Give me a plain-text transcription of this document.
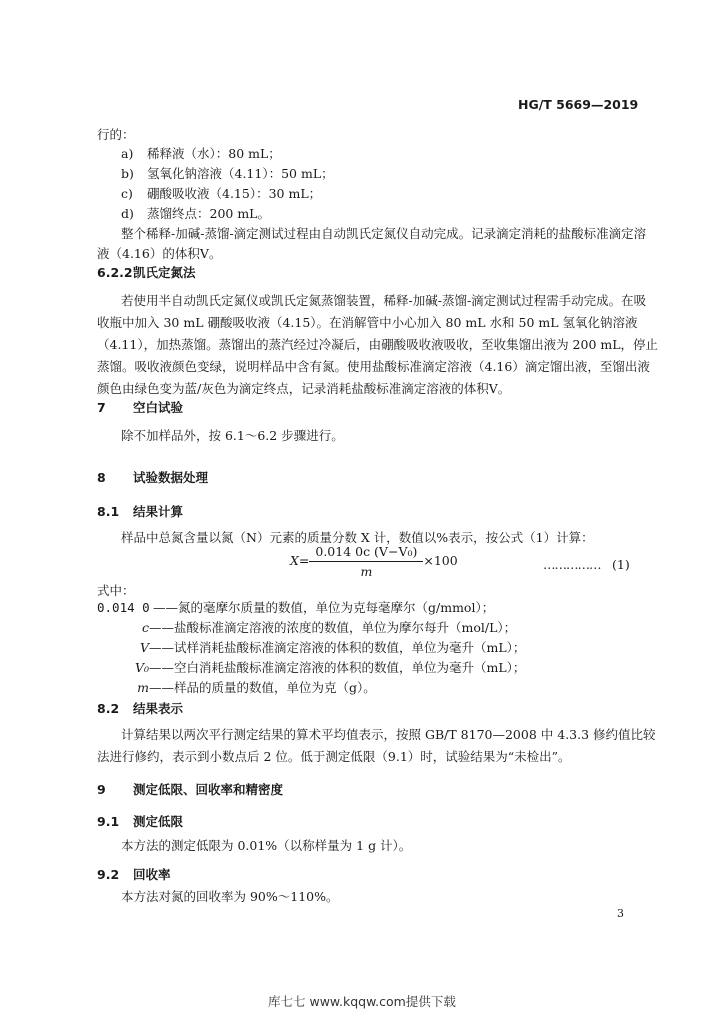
HG/T 5669—2019
行的：
a) 稀释液（水）：80 mL；
b) 氢氧化钠溶液（4.11）：50 mL；
c) 硼酸吸收液（4.15）：30 mL；
d) 蒸馏终点：200 mL。
整个稀释-加碱-蒸馏-滴定测试过程由自动凯氏定氮仪自动完成。记录滴定消耗的盐酸标准滴定溶
液（4.16）的体积V。
6.2.2凯氏定氮法
若使用半自动凯氏定氮仪或凯氏定氮蒸馏装置，稀释-加碱-蒸馏-滴定测试过程需手动完成。在吸
收瓶中加入 30 mL 硼酸吸收液（4.15）。在消解管中小心加入 80 mL 水和 50 mL 氢氧化钠溶液
（4.11），加热蒸馏。蒸馏出的蒸汽经过冷凝后，由硼酸吸收液吸收，至收集馏出液为 200 mL，停止
蒸馏。吸收液颜色变绿，说明样品中含有氮。使用盐酸标准滴定溶液（4.16）滴定馏出液，至馏出液
颜色由绿色变为蓝/灰色为滴定终点，记录消耗盐酸标准滴定溶液的体积V。
7 空白试验
除不加样品外，按 6.1～6.2 步骤进行。
8 试验数据处理
8.1 结果计算
样品中总氮含量以氮（N）元素的质量分数 X 计，数值以%表示，按公式（1）计算：
$X= \frac{\text{0.014 0c (V−V₀)}}{m} \times 100$	…………… (1)
式中：
0.014 0 ——氮的毫摩尔质量的数值，单位为克每毫摩尔（g/mmol）；
c——盐酸标准滴定溶液的浓度的数值，单位为摩尔每升（mol/L）；
V——试样消耗盐酸标准滴定溶液的体积的数值，单位为毫升（mL）；
V₀——空白消耗盐酸标准滴定溶液的体积的数值，单位为毫升（mL）；
m——样品的质量的数值，单位为克（g）。
8.2 结果表示
计算结果以两次平行测定结果的算术平均值表示，按照 GB/T 8170—2008 中 4.3.3 修约值比较
法进行修约，表示到小数点后 2 位。低于测定低限（9.1）时，试验结果为“未检出”。
9 测定低限、回收率和精密度
9.1 测定低限
本方法的测定低限为 0.01%（以称样量为 1 g 计）。
9.2 回收率
本方法对氮的回收率为 90%～110%。
3
库七七 www.kqqw.com提供下载
